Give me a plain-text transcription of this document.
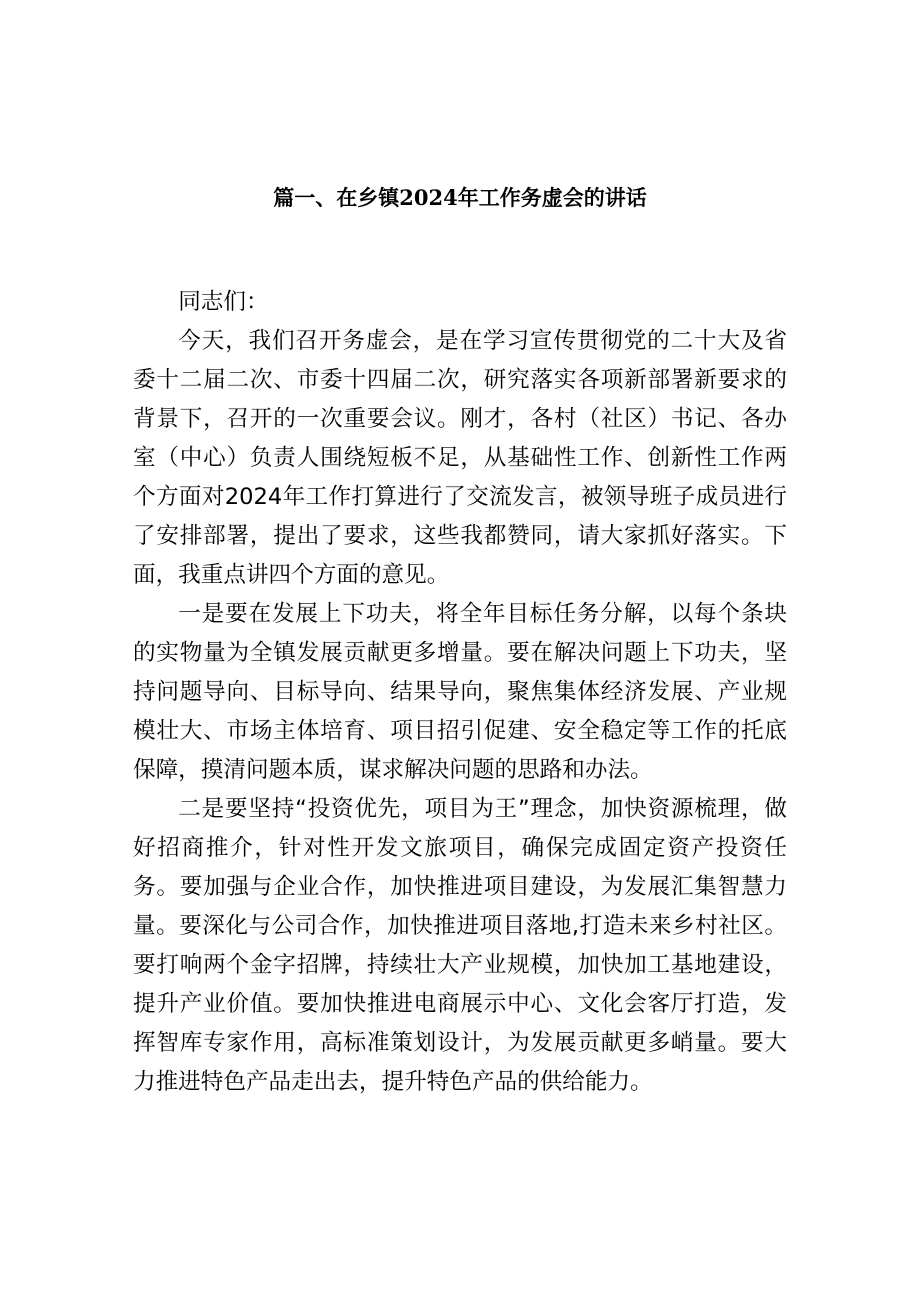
篇一、在乡镇2024年工作务虚会的讲话

同志们：

今天，我们召开务虚会，是在学习宣传贯彻党的二十大及省委十二届二次、市委十四届二次，研究落实各项新部署新要求的背景下，召开的一次重要会议。刚才，各村（社区）书记、各办室（中心）负责人围绕短板不足，从基础性工作、创新性工作两个方面对2024年工作打算进行了交流发言，被领导班子成员进行了安排部署，提出了要求，这些我都赞同，请大家抓好落实。下面，我重点讲四个方面的意见。

一是要在发展上下功夫，将全年目标任务分解，以每个条块的实物量为全镇发展贡献更多增量。要在解决问题上下功夫，坚持问题导向、目标导向、结果导向，聚焦集体经济发展、产业规模壮大、市场主体培育、项目招引促建、安全稳定等工作的托底保障，摸清问题本质，谋求解决问题的思路和办法。

二是要坚持“投资优先，项目为王”理念，加快资源梳理，做好招商推介，针对性开发文旅项目，确保完成固定资产投资任务。要加强与企业合作，加快推进项目建设，为发展汇集智慧力量。要深化与公司合作，加快推进项目落地,打造未来乡村社区。要打响两个金字招牌，持续壮大产业规模，加快加工基地建设，提升产业价值。要加快推进电商展示中心、文化会客厅打造，发挥智库专家作用，高标准策划设计，为发展贡献更多峭量。要大力推进特色产品走出去，提升特色产品的供给能力。
